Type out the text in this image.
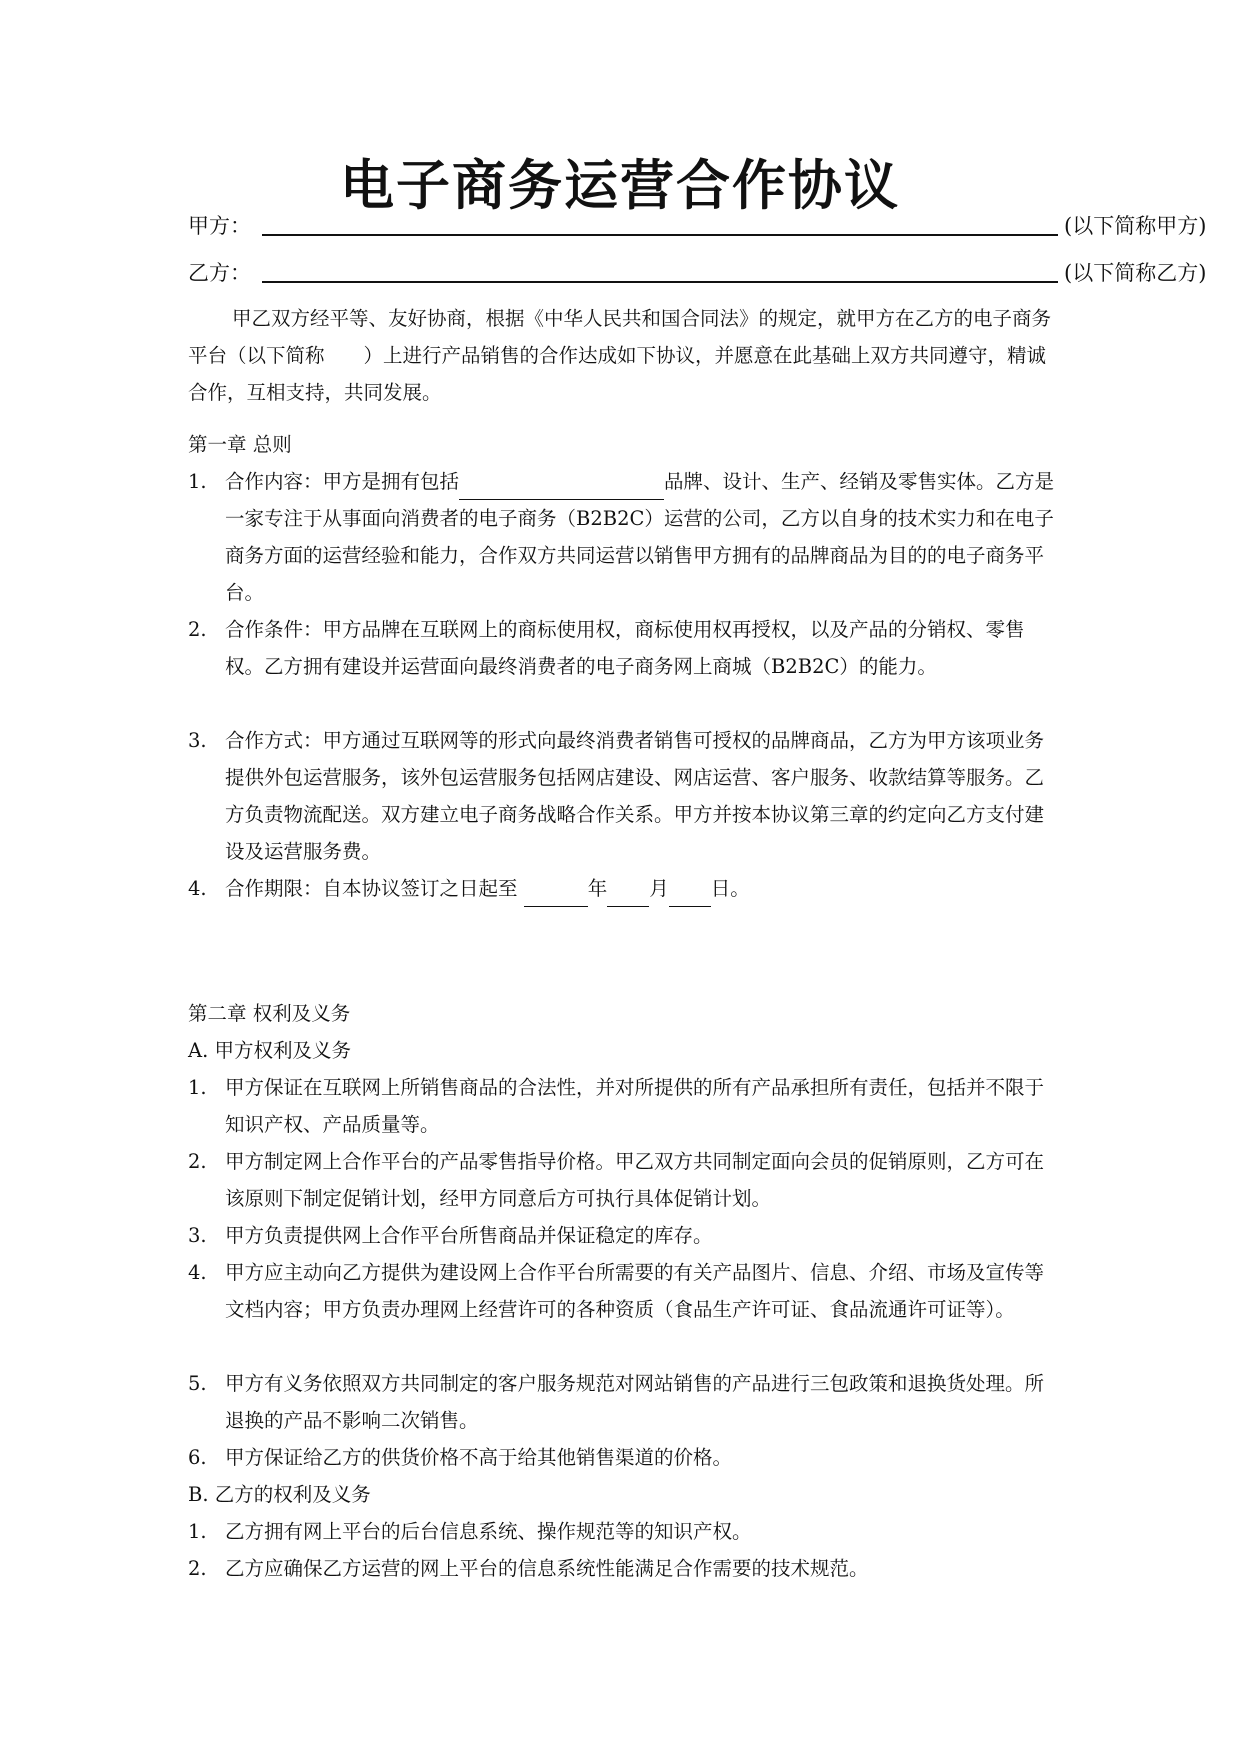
电子商务运营合作协议
甲方：	(以下简称甲方)
乙方：	(以下简称乙方)
甲乙双方经平等、友好协商，根据《中华人民共和国合同法》的规定，就甲方在乙方的电子商务平台（以下简称　　）上进行产品销售的合作达成如下协议，并愿意在此基础上双方共同遵守，精诚合作，互相支持，共同发展。
第一章 总则
1. 合作内容：甲方是拥有包括	品牌、设计、生产、经销及零售实体。乙方是一家专注于从事面向消费者的电子商务（B2B2C）运营的公司，乙方以自身的技术实力和在电子商务方面的运营经验和能力，合作双方共同运营以销售甲方拥有的品牌商品为目的的电子商务平台。
2. 合作条件：甲方品牌在互联网上的商标使用权，商标使用权再授权，以及产品的分销权、零售权。乙方拥有建设并运营面向最终消费者的电子商务网上商城（B2B2C）的能力。
3. 合作方式：甲方通过互联网等的形式向最终消费者销售可授权的品牌商品，乙方为甲方该项业务提供外包运营服务，该外包运营服务包括网店建设、网店运营、客户服务、收款结算等服务。乙方负责物流配送。双方建立电子商务战略合作关系。甲方并按本协议第三章的约定向乙方支付建设及运营服务费。
4. 合作期限：自本协议签订之日起至	年 月 日。
第二章 权利及义务
A. 甲方权利及义务
1. 甲方保证在互联网上所销售商品的合法性，并对所提供的所有产品承担所有责任，包括并不限于知识产权、产品质量等。
2. 甲方制定网上合作平台的产品零售指导价格。甲乙双方共同制定面向会员的促销原则，乙方可在该原则下制定促销计划，经甲方同意后方可执行具体促销计划。
3. 甲方负责提供网上合作平台所售商品并保证稳定的库存。
4. 甲方应主动向乙方提供为建设网上合作平台所需要的有关产品图片、信息、介绍、市场及宣传等文档内容；甲方负责办理网上经营许可的各种资质（食品生产许可证、食品流通许可证等）。
5. 甲方有义务依照双方共同制定的客户服务规范对网站销售的产品进行三包政策和退换货处理。所退换的产品不影响二次销售。
6. 甲方保证给乙方的供货价格不高于给其他销售渠道的价格。
B. 乙方的权利及义务
1. 乙方拥有网上平台的后台信息系统、操作规范等的知识产权。
2. 乙方应确保乙方运营的网上平台的信息系统性能满足合作需要的技术规范。
